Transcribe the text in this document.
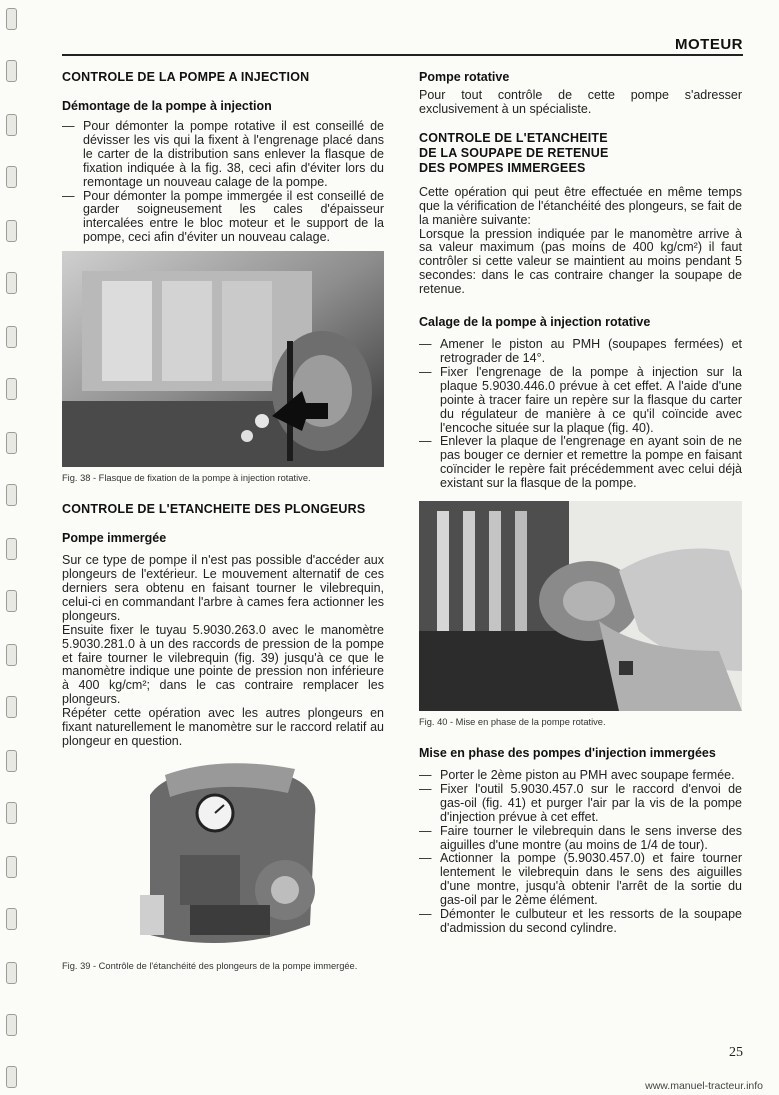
MOTEUR
CONTROLE DE LA POMPE A INJECTION
Démontage de la pompe à injection
— Pour démonter la pompe rotative il est conseillé de dévisser les vis qui la fixent à l'engrenage placé dans le carter de la distribution sans enlever la flasque de fixation indiquée à la fig. 38, ceci afin d'éviter lors du remontage un nouveau calage de la pompe.
— Pour démonter la pompe immergée il est conseillé de garder soigneusement les cales d'épaisseur intercalées entre le bloc moteur et le support de la pompe, ceci afin d'éviter un nouveau calage.
Fig. 38 - Flasque de fixation de la pompe à injection rotative.
CONTROLE DE L'ETANCHEITE DES PLONGEURS
Pompe immergée

Sur ce type de pompe il n'est pas possible d'accéder aux plongeurs de l'extérieur. Le mouvement alternatif de ces derniers sera obtenu en faisant tourner le vilebrequin, celui-ci en commandant l'arbre à cames fera actionner les plongeurs.

Ensuite fixer le tuyau 5.9030.263.0 avec le manomètre 5.9030.281.0 à un des raccords de pression de la pompe et faire tourner le vilebrequin (fig. 39) jusqu'à ce que le manomètre indique une pointe de pression non inférieure à 400 kg/cm²; dans le cas contraire remplacer les plongeurs.

Répéter cette opération avec les autres plongeurs en fixant naturellement le manomètre sur le raccord relatif au plongeur en question.

Fig. 39 - Contrôle de l'étanchéité des plongeurs de la pompe immergée.
Pompe rotative

Pour tout contrôle de cette pompe s'adresser exclusivement à un spécialiste.

CONTROLE DE L'ETANCHEITE
DE LA SOUPAPE DE RETENUE
DES POMPES IMMERGEES

Cette opération qui peut être effectuée en même temps que la vérification de l'étanchéité des plongeurs, se fait de la manière suivante:

Lorsque la pression indiquée par le manomètre arrive à sa valeur maximum (pas moins de 400 kg/cm²) il faut contrôler si cette valeur se maintient au moins pendant 5 secondes: dans le cas contraire changer la soupape de retenue.

Calage de la pompe à injection rotative
— Amener le piston au PMH (soupapes fermées) et retrograder de 14°.
— Fixer l'engrenage de la pompe à injection sur la plaque 5.9030.446.0 prévue à cet effet. A l'aide d'une pointe à tracer faire un repère sur la flasque du carter du régulateur de manière à ce qu'il coïncide avec l'encoche située sur la plaque (fig. 40).
— Enlever la plaque de l'engrenage en ayant soin de ne pas bouger ce dernier et remettre la pompe en faisant coïncider le repère fait précédemment avec celui déjà existant sur la flasque de la pompe.
Fig. 40 - Mise en phase de la pompe rotative.
Mise en phase des pompes d'injection immergées
— Porter le 2ème piston au PMH avec soupape fermée.
— Fixer l'outil 5.9030.457.0 sur le raccord d'envoi de gas-oil (fig. 41) et purger l'air par la vis de la pompe d'injection prévue à cet effet.
— Faire tourner le vilebrequin dans le sens inverse des aiguilles d'une montre (au moins de 1/4 de tour).
— Actionner la pompe (5.9030.457.0) et faire tourner lentement le vilebrequin dans le sens des aiguilles d'une montre, jusqu'à obtenir l'arrêt de la sortie du gas-oil par le 2ème élément.
— Démonter le culbuteur et les ressorts de la soupape d'admission du second cylindre.
25
www.manuel-tracteur.info
